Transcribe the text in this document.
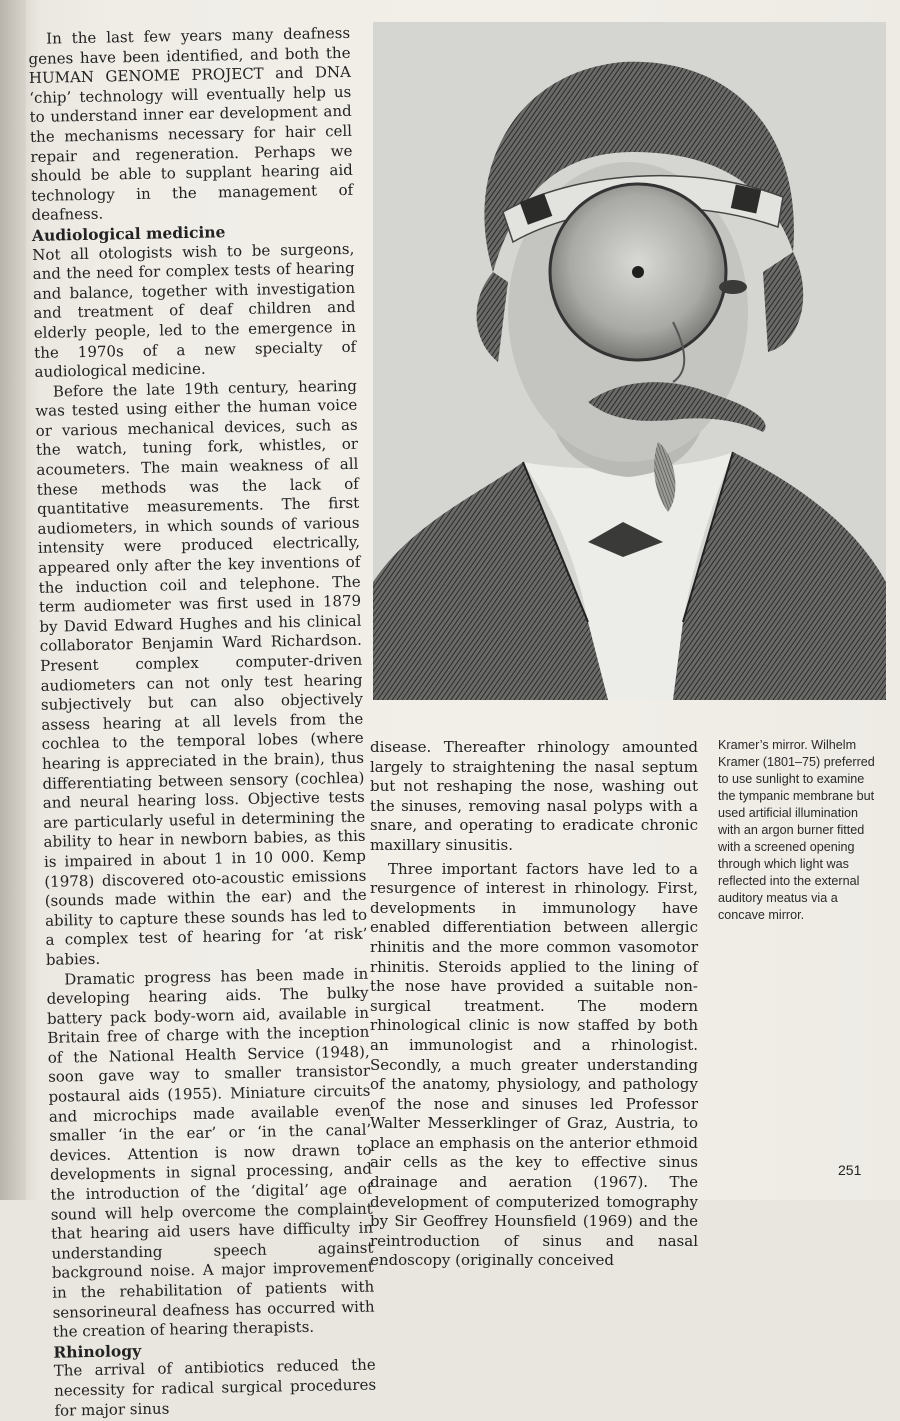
In the last few years many deafness genes have been identified, and both the HUMAN GENOME PROJECT and DNA ‘chip’ technology will eventually help us to understand inner ear development and the mechanisms necessary for hair cell repair and regeneration. Perhaps we should be able to supplant hearing aid technology in the management of deafness.

Audiological medicine

Not all otologists wish to be surgeons, and the need for complex tests of hearing and balance, together with investigation and treatment of deaf children and elderly people, led to the emergence in the 1970s of a new specialty of audiological medicine.

Before the late 19th century, hearing was tested using either the human voice or various mechanical devices, such as the watch, tuning fork, whistles, or acoumeters. The main weakness of all these methods was the lack of quantitative measurements. The first audiometers, in which sounds of various intensity were produced electrically, appeared only after the key inventions of the induction coil and telephone. The term audiometer was first used in 1879 by David Edward Hughes and his clinical collaborator Benjamin Ward Richardson. Present complex computer-driven audiometers can not only test hearing subjectively but can also objectively assess hearing at all levels from the cochlea to the temporal lobes (where hearing is appreciated in the brain), thus differentiating between sensory (cochlea) and neural hearing loss. Objective tests are particularly useful in determining the ability to hear in newborn babies, as this is impaired in about 1 in 10 000. Kemp (1978) discovered oto-acoustic emissions (sounds made within the ear) and the ability to capture these sounds has led to a complex test of hearing for ‘at risk’ babies.

Dramatic progress has been made in developing hearing aids. The bulky battery pack body-worn aid, available in Britain free of charge with the inception of the National Health Service (1948), soon gave way to smaller transistor postaural aids (1955). Miniature circuits and microchips made available even smaller ‘in the ear’ or ‘in the canal’ devices. Attention is now drawn to developments in signal processing, and the introduction of the ‘digital’ age of sound will help overcome the complaint that hearing aid users have difficulty in understanding speech against background noise. A major improvement in the rehabilitation of patients with sensorineural deafness has occurred with the creation of hearing therapists.

Rhinology

The arrival of antibiotics reduced the necessity for radical surgical procedures for major sinus

disease. Thereafter rhinology amounted largely to straightening the nasal septum but not reshaping the nose, washing out the sinuses, removing nasal polyps with a snare, and operating to eradicate chronic maxillary sinusitis.

Three important factors have led to a resurgence of interest in rhinology. First, developments in immunology have enabled differentiation between allergic rhinitis and the more common vasomotor rhinitis. Steroids applied to the lining of the nose have provided a suitable non-surgical treatment. The modern rhinological clinic is now staffed by both an immunologist and a rhinologist. Secondly, a much greater understanding of the anatomy, physiology, and pathology of the nose and sinuses led Professor Walter Messerklinger of Graz, Austria, to place an emphasis on the anterior ethmoid air cells as the key to effective sinus drainage and aeration (1967). The development of computerized tomography by Sir Geoffrey Hounsfield (1969) and the reintroduction of sinus and nasal endoscopy (originally conceived

Kramer’s mirror. Wilhelm Kramer (1801–75) preferred to use sunlight to examine the tympanic membrane but used artificial illumination with an argon burner fitted with a screened opening through which light was reflected into the external auditory meatus via a concave mirror.
251
